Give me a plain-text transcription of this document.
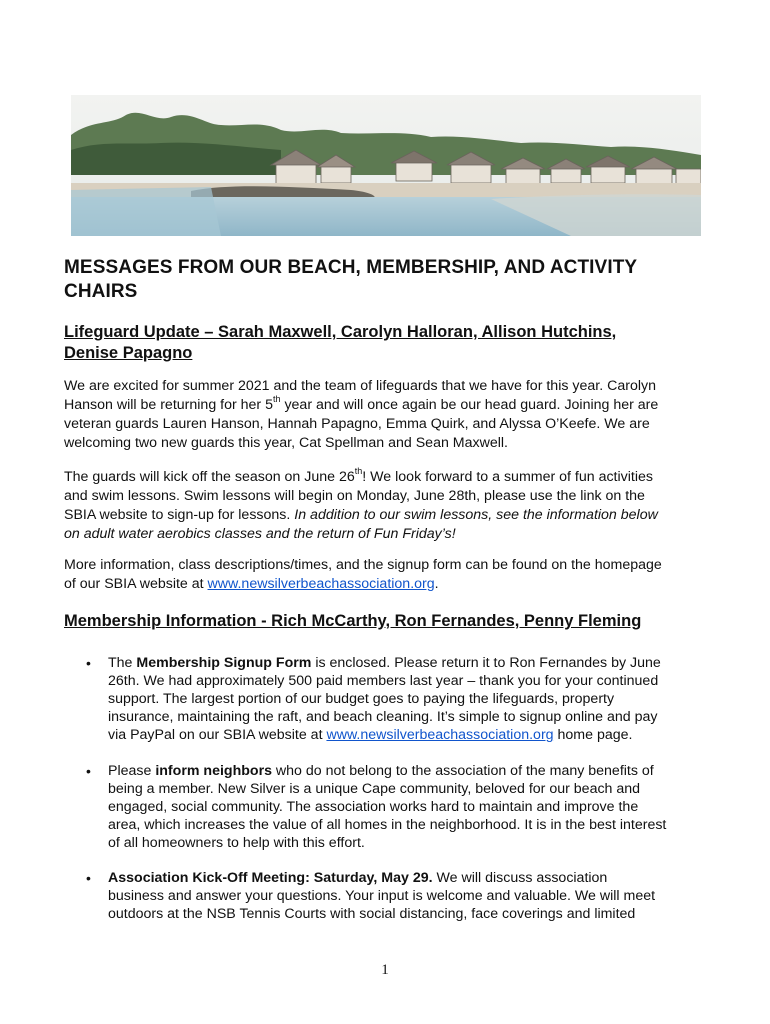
MESSAGES FROM OUR BEACH, MEMBERSHIP, AND ACTIVITY
CHAIRS
Lifeguard Update – Sarah Maxwell, Carolyn Halloran, Allison Hutchins,
Denise Papagno
We are excited for summer 2021 and the team of lifeguards that we have for this year. Carolyn
Hanson will be returning for her 5th year and will once again be our head guard. Joining her are
veteran guards Lauren Hanson, Hannah Papagno, Emma Quirk, and Alyssa O’Keefe. We are
welcoming two new guards this year, Cat Spellman and Sean Maxwell.
The guards will kick off the season on June 26th! We look forward to a summer of fun activities
and swim lessons. Swim lessons will begin on Monday, June 28th, please use the link on the
SBIA website to sign-up for lessons. In addition to our swim lessons, see the information below
on adult water aerobics classes and the return of Fun Friday’s!
More information, class descriptions/times, and the signup form can be found on the homepage
of our SBIA website at www.newsilverbeachassociation.org.
Membership Information - Rich McCarthy, Ron Fernandes, Penny Fleming
• The Membership Signup Form is enclosed. Please return it to Ron Fernandes by June
26th. We had approximately 500 paid members last year – thank you for your continued
support. The largest portion of our budget goes to paying the lifeguards, property
insurance, maintaining the raft, and beach cleaning. It’s simple to signup online and pay
via PayPal on our SBIA website at www.newsilverbeachassociation.org home page.
• Please inform neighbors who do not belong to the association of the many benefits of
being a member. New Silver is a unique Cape community, beloved for our beach and
engaged, social community. The association works hard to maintain and improve the
area, which increases the value of all homes in the neighborhood. It is in the best interest
of all homeowners to help with this effort.
• Association Kick-Off Meeting: Saturday, May 29. We will discuss association
business and answer your questions. Your input is welcome and valuable. We will meet
outdoors at the NSB Tennis Courts with social distancing, face coverings and limited
1
